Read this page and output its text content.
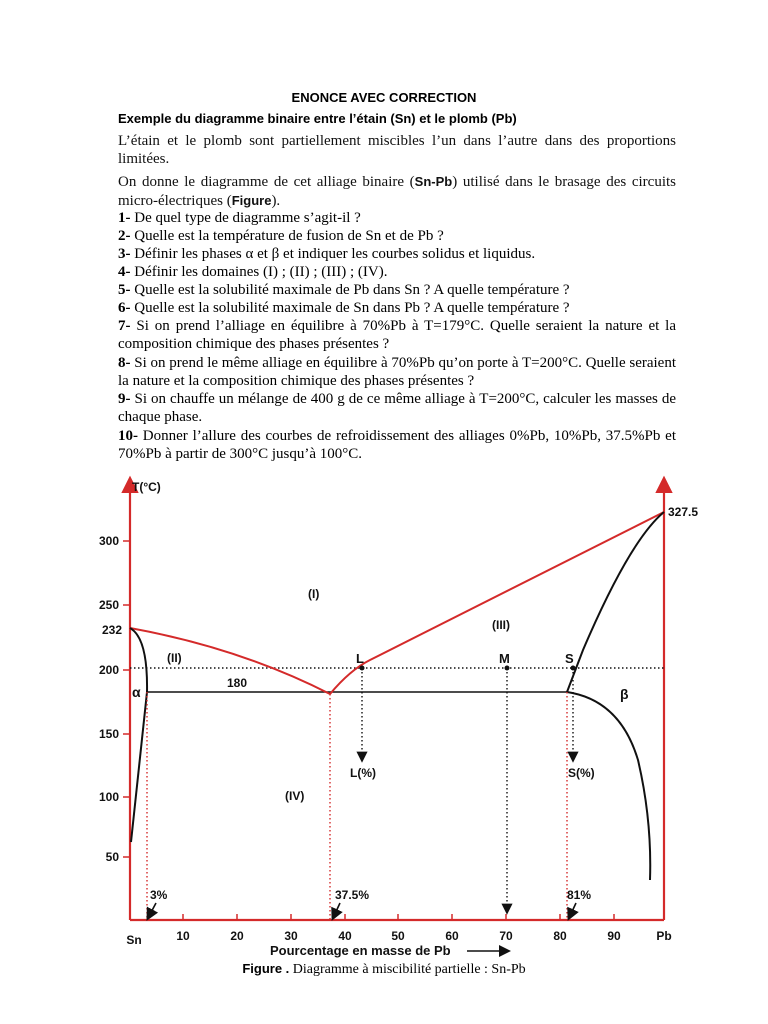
ENONCE AVEC CORRECTION
Exemple du diagramme binaire entre l’étain (Sn) et le plomb (Pb)

L’étain et le plomb sont partiellement miscibles l’un dans l’autre dans des proportions limitées.

On donne le diagramme de cet alliage binaire (Sn-Pb) utilisé dans le brasage des circuits micro-électriques (Figure).

1- De quel type de diagramme s’agit-il ?

2- Quelle est la température de fusion de Sn et de Pb ?

3- Définir les phases α et β et indiquer les courbes solidus et liquidus.

4- Définir les domaines (I) ; (II) ; (III) ; (IV).

5- Quelle est la solubilité maximale de Pb dans Sn ? A quelle température ?

6- Quelle est la solubilité maximale de Sn dans Pb ? A quelle température ?

7- Si on prend l’alliage en équilibre à 70%Pb à T=179°C. Quelle seraient la nature et la composition chimique des phases présentes ?

8- Si on prend le même alliage en équilibre à 70%Pb qu’on porte à T=200°C. Quelle seraient la nature et la composition chimique des phases présentes ?

9- Si on chauffe un mélange de 400 g de ce même alliage à T=200°C, calculer les masses de chaque phase.

10- Donner l’allure des courbes de refroidissement des alliages 0%Pb, 10%Pb, 37.5%Pb et 70%Pb à partir de 300°C jusqu’à 100°C.

50
100
150
200
250
300
232
T(°C)
327.5
10	20	30	40	50	60	70	80	90
Sn	Pb
Pourcentage en masse de Pb
L	M	S
L(%)	S(%)
180
(I)
(II)
(III)
(IV)
α	β
3%	37.5%	81%
Figure . Diagramme à miscibilité partielle : Sn-Pb
